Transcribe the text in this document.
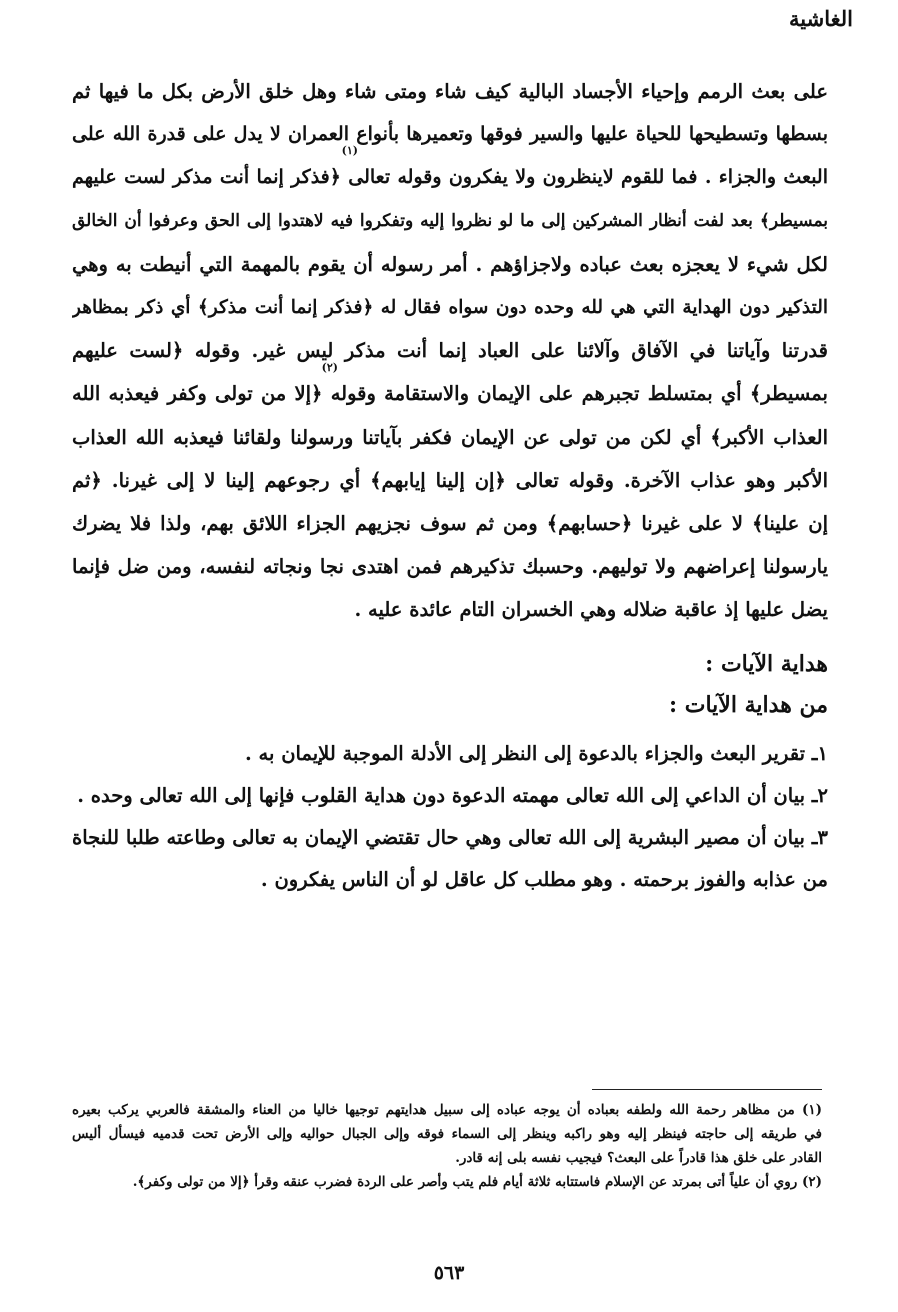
الغاشية
على بعث الرمم وإحياء الأجساد البالية كيف شاء ومتى شاء وهل خلق الأرض بكل ما فيها ثم
بسطها وتسطيحها للحياة عليها والسير فوقها وتعميرها بأنواع العمران لا يدل على قدرة الله على
البعث والجزاء . فما للقوم لاينظرون ولا يفكرون وقوله تعالى ﴿فذكر إنما أنت مذكر لست عليهم
بمسيطر﴾ بعد لفت أنظار المشركين إلى ما لو نظروا إليه وتفكروا فيه لاهتدوا إلى الحق وعرفوا أن الخالق
لكل شيء لا يعجزه بعث عباده ولاجزاؤهم . أمر رسوله أن يقوم بالمهمة التي أنيطت به وهي
التذكير دون الهداية التي هي لله وحده دون سواه فقال له ﴿فذكر إنما أنت مذكر﴾ أي ذكر بمظاهر
قدرتنا وآياتنا في الآفاق وآلائنا على العباد إنما أنت مذكر ليس غير. وقوله ﴿لست عليهم
بمسيطر﴾ أي بمتسلط تجبرهم على الإيمان والاستقامة وقوله ﴿إلا من تولى وكفر فيعذبه الله
العذاب الأكبر﴾ أي لكن من تولى عن الإيمان فكفر بآياتنا ورسولنا ولقائنا فيعذبه الله العذاب
الأكبر وهو عذاب الآخرة. وقوله تعالى ﴿إن إلينا إيابهم﴾ أي رجوعهم إلينا لا إلى غيرنا. ﴿ثم
إن علينا﴾ لا على غيرنا ﴿حسابهم﴾ ومن ثم سوف نجزيهم الجزاء اللائق بهم، ولذا فلا يضرك
يارسولنا إعراضهم ولا توليهم. وحسبك تذكيرهم فمن اهتدى نجا ونجاته لنفسه، ومن ضل فإنما
يضل عليها إذ عاقبة ضلاله وهي الخسران التام عائدة عليه .
(١)
(٢)
هداية الآيات :
من هداية الآيات :
١ـ تقرير البعث والجزاء بالدعوة إلى النظر إلى الأدلة الموجبة للإيمان به .
٢ـ بيان أن الداعي إلى الله تعالى مهمته الدعوة دون هداية القلوب فإنها إلى الله تعالى وحده .
٣ـ بيان أن مصير البشرية إلى الله تعالى وهي حال تقتضي الإيمان به تعالى وطاعته طلبا للنجاة
من عذابه والفوز برحمته . وهو مطلب كل عاقل لو أن الناس يفكرون .
(١) من مظاهر رحمة الله ولطفه بعباده أن يوجه عباده إلى سبيل هدايتهم توجيها خاليا من العناء والمشقة فالعربي يركب بعيره
في طريقه إلى حاجته فينظر إليه وهو راكبه وينظر إلى السماء فوقه وإلى الجبال حواليه وإلى الأرض تحت قدميه فيسأل أليس
القادر على خلق هذا قادراً على البعث؟ فيجيب نفسه بلى إنه قادر.
(٢) روي أن علياً أتى بمرتد عن الإسلام فاستتابه ثلاثة أيام فلم يتب وأصر على الردة فضرب عنقه وقرأ ﴿إلا من تولى وكفر﴾.
٥٦٣
